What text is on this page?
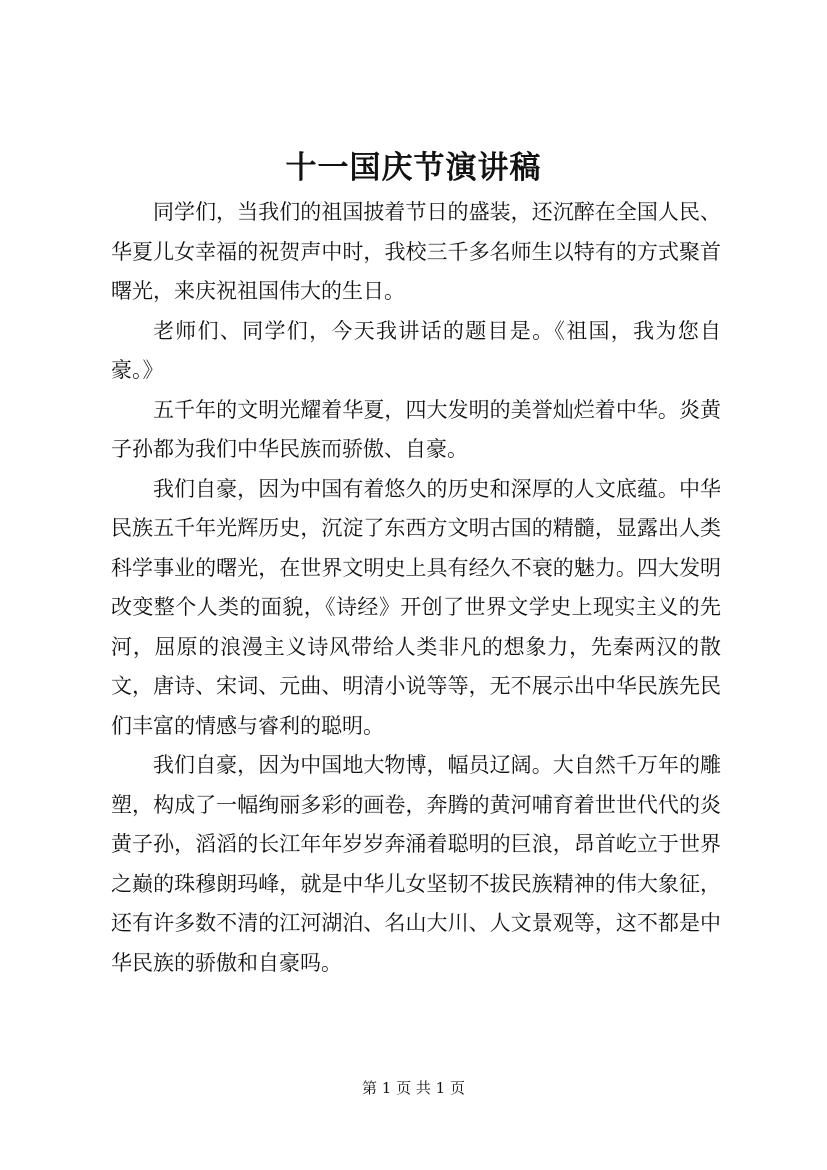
十一国庆节演讲稿

同学们，当我们的祖国披着节日的盛装，还沉醉在全国人民、华夏儿女幸福的祝贺声中时，我校三千多名师生以特有的方式聚首曙光，来庆祝祖国伟大的生日。

老师们、同学们，今天我讲话的题目是。《祖国，我为您自豪。》

五千年的文明光耀着华夏，四大发明的美誉灿烂着中华。炎黄子孙都为我们中华民族而骄傲、自豪。

我们自豪，因为中国有着悠久的历史和深厚的人文底蕴。中华民族五千年光辉历史，沉淀了东西方文明古国的精髓，显露出人类科学事业的曙光，在世界文明史上具有经久不衰的魅力。四大发明改变整个人类的面貌，《诗经》开创了世界文学史上现实主义的先河，屈原的浪漫主义诗风带给人类非凡的想象力，先秦两汉的散文，唐诗、宋词、元曲、明清小说等等，无不展示出中华民族先民们丰富的情感与睿利的聪明。

我们自豪，因为中国地大物博，幅员辽阔。大自然千万年的雕塑，构成了一幅绚丽多彩的画卷，奔腾的黄河哺育着世世代代的炎黄子孙，滔滔的长江年年岁岁奔涌着聪明的巨浪，昂首屹立于世界之巅的珠穆朗玛峰，就是中华儿女坚韧不拔民族精神的伟大象征，还有许多数不清的江河湖泊、名山大川、人文景观等，这不都是中华民族的骄傲和自豪吗。

第 1 页 共 1 页
